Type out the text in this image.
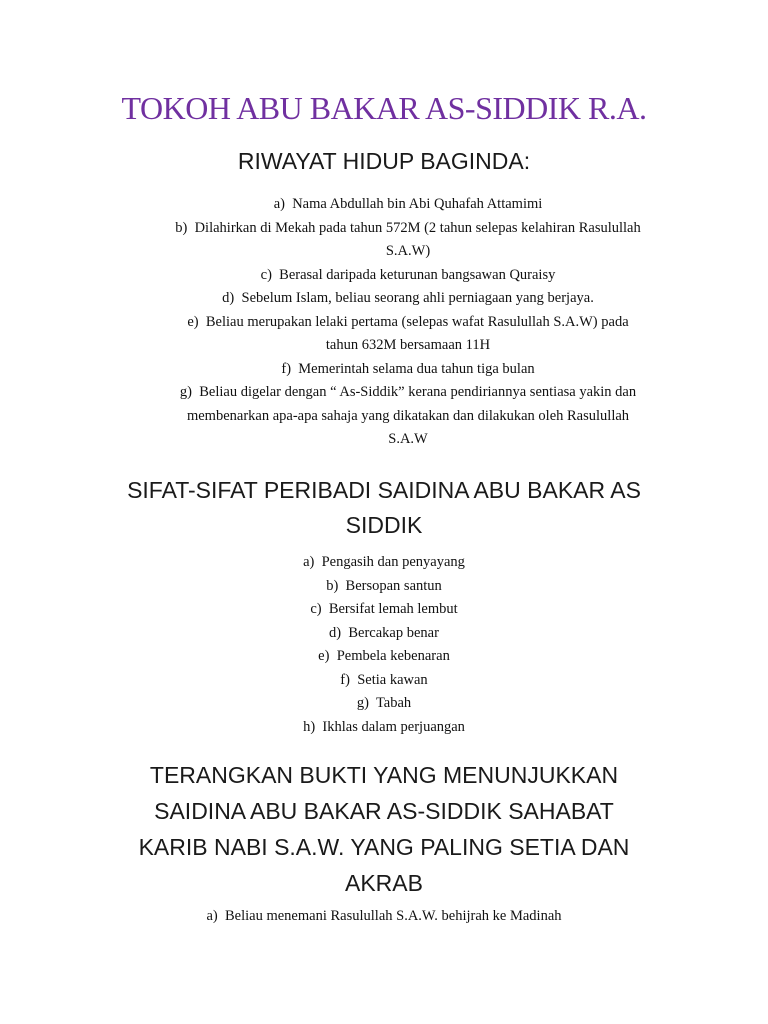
TOKOH ABU BAKAR AS-SIDDIK R.A.
RIWAYAT HIDUP BAGINDA:
a) Nama Abdullah bin Abi Quhafah Attamimi
b) Dilahirkan di Mekah pada tahun 572M (2 tahun selepas kelahiran Rasulullah
S.A.W)
c) Berasal daripada keturunan bangsawan Quraisy
d) Sebelum Islam, beliau seorang ahli perniagaan yang berjaya.
e) Beliau merupakan lelaki pertama (selepas wafat Rasulullah S.A.W) pada
tahun 632M bersamaan 11H
f) Memerintah selama dua tahun tiga bulan
g) Beliau digelar dengan “ As-Siddik” kerana pendiriannya sentiasa yakin dan
membenarkan apa-apa sahaja yang dikatakan dan dilakukan oleh Rasulullah
S.A.W
SIFAT-SIFAT PERIBADI SAIDINA ABU BAKAR AS
SIDDIK
a) Pengasih dan penyayang
b) Bersopan santun
c) Bersifat lemah lembut
d) Bercakap benar
e) Pembela kebenaran
f) Setia kawan
g) Tabah
h) Ikhlas dalam perjuangan
TERANGKAN BUKTI YANG MENUNJUKKAN
SAIDINA ABU BAKAR AS-SIDDIK SAHABAT
KARIB NABI S.A.W. YANG PALING SETIA DAN
AKRAB
a) Beliau menemani Rasulullah S.A.W. behijrah ke Madinah
